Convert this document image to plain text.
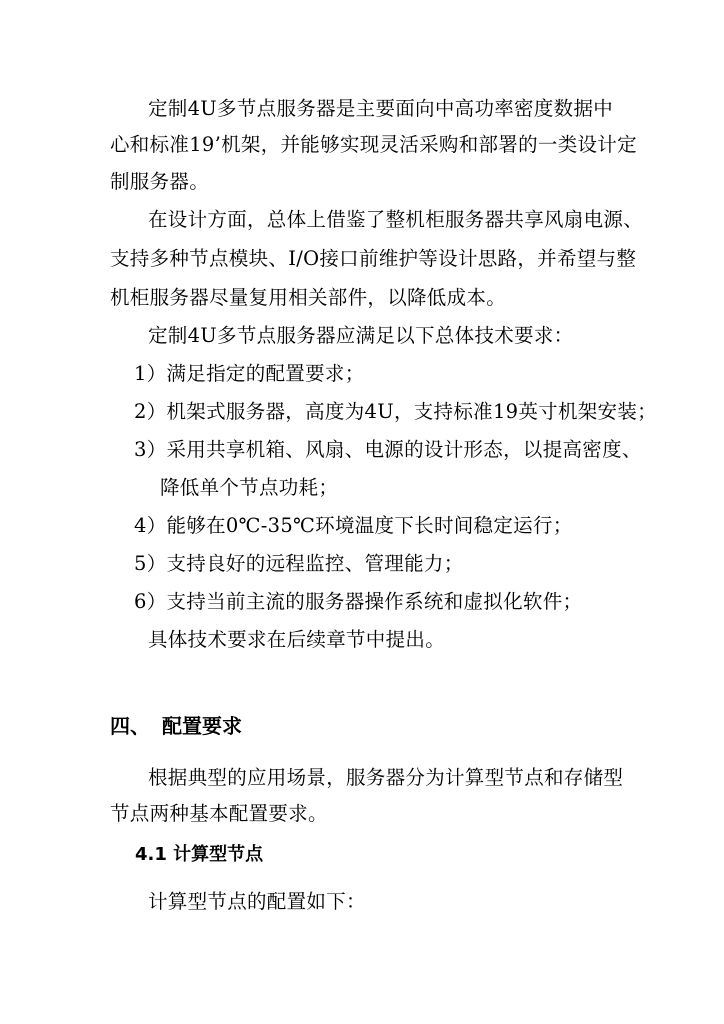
定制4U多节点服务器是主要面向中高功率密度数据中
心和标准19’机架，并能够实现灵活采购和部署的一类设计定
制服务器。
在设计方面，总体上借鉴了整机柜服务器共享风扇电源、
支持多种节点模块、I/O接口前维护等设计思路，并希望与整
机柜服务器尽量复用相关部件，以降低成本。
定制4U多节点服务器应满足以下总体技术要求：
1）满足指定的配置要求；
2）机架式服务器，高度为4U，支持标准19英寸机架安装；
3）采用共享机箱、风扇、电源的设计形态，以提高密度、
降低单个节点功耗；
4）能够在0℃-35℃环境温度下长时间稳定运行；
5）支持良好的远程监控、管理能力；
6）支持当前主流的服务器操作系统和虚拟化软件；
具体技术要求在后续章节中提出。
四、 配置要求
根据典型的应用场景，服务器分为计算型节点和存储型
节点两种基本配置要求。
4.1 计算型节点
计算型节点的配置如下：
